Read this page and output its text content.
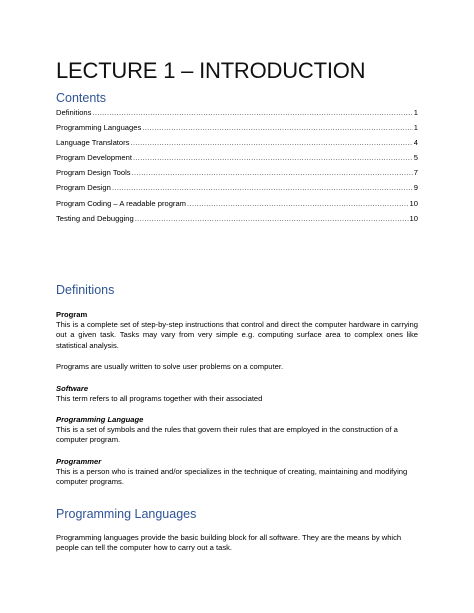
LECTURE 1 – INTRODUCTION
Contents
Definitions .....	1
Programming Languages .....	1
Language Translators .....	4
Program Development .....	5
Program Design Tools .....	7
Program Design .....	9
Program Coding – A readable program .....	10
Testing and Debugging .....	10
Definitions
Program

This is a complete set of step-by-step instructions that control and direct the computer hardware in carrying out a given task. Tasks may vary from very simple e.g. computing surface area to complex ones like statistical analysis.

Programs are usually written to solve user problems on a computer.

Software

This term refers to all programs together with their associated

Programming Language

This is a set of symbols and the rules that govern their rules that are employed in the construction of a computer program.

Programmer

This is a person who is trained and/or specializes in the technique of creating, maintaining and modifying computer programs.

Programming Languages

Programming languages provide the basic building block for all software. They are the means by which people can tell the computer how to carry out a task.
